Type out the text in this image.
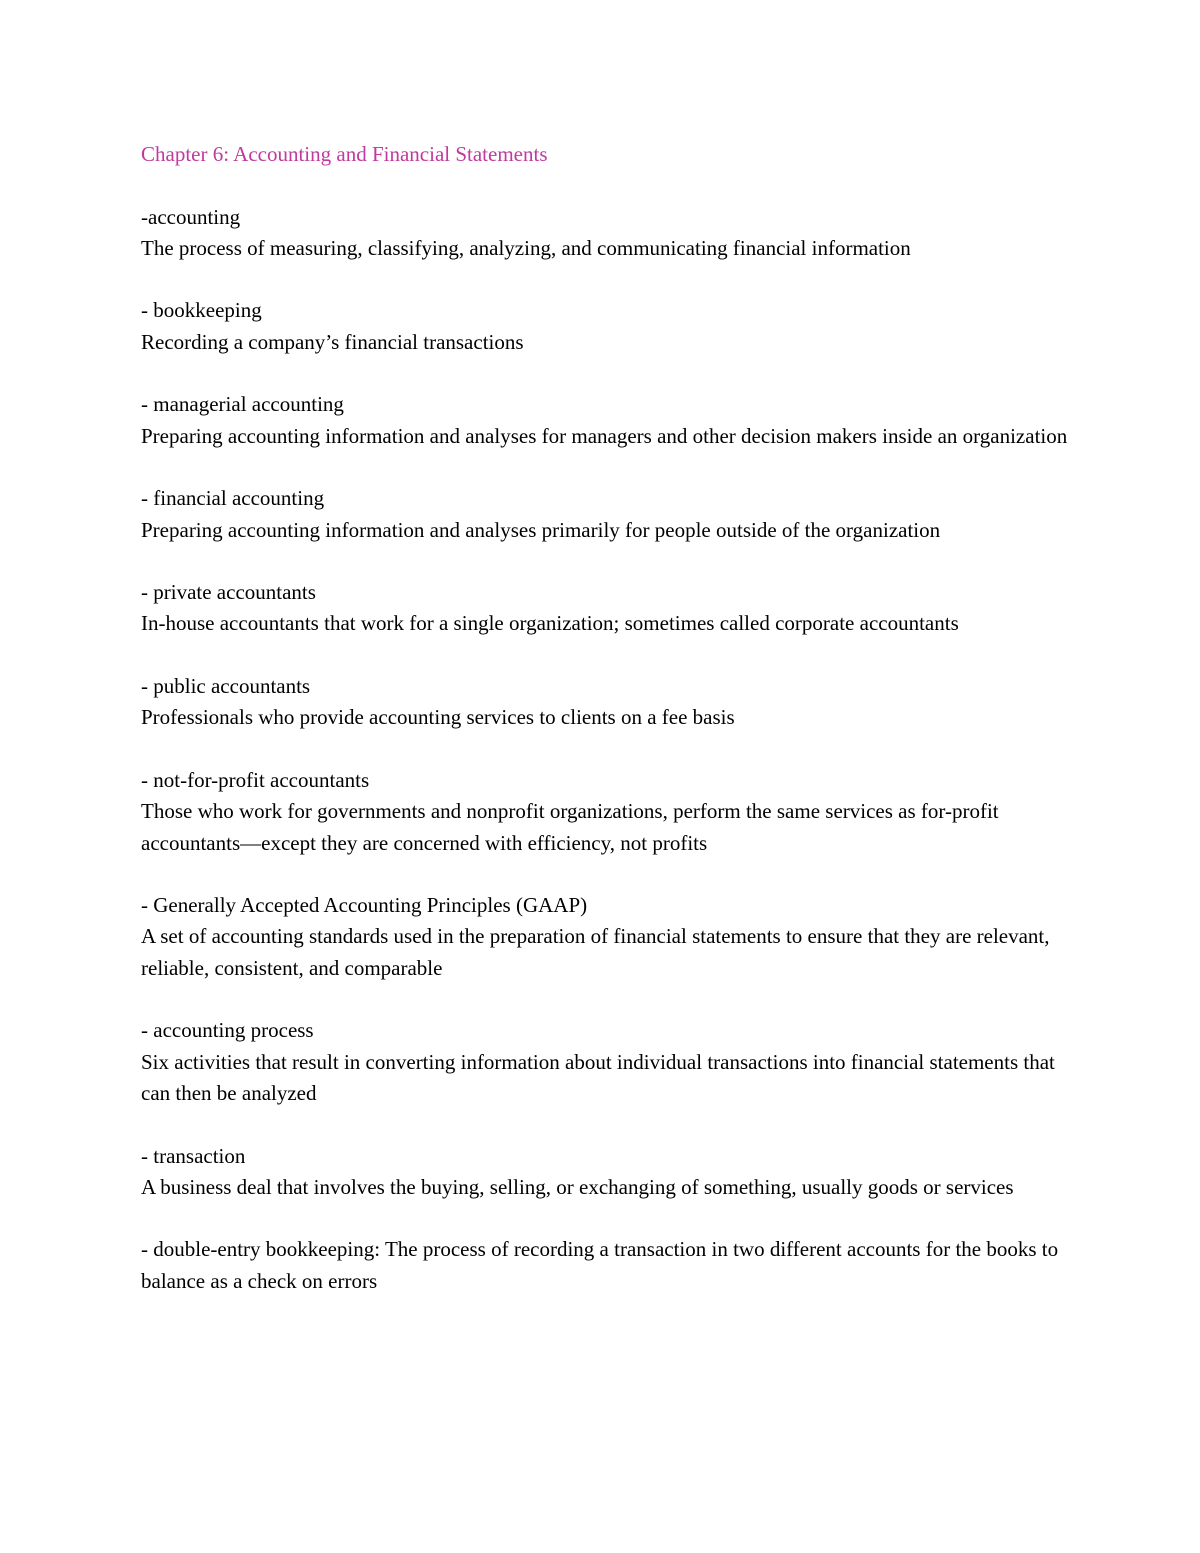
Chapter 6: Accounting and Financial Statements
-accounting
The process of measuring, classifying, analyzing, and communicating financial information
- bookkeeping
Recording a company’s financial transactions
- managerial accounting
Preparing accounting information and analyses for managers and other decision makers inside an organization
- financial accounting
Preparing accounting information and analyses primarily for people outside of the organization
- private accountants
In-house accountants that work for a single organization; sometimes called corporate accountants
- public accountants
Professionals who provide accounting services to clients on a fee basis
- not-for-profit accountants
Those who work for governments and nonprofit organizations, perform the same services as for-profit accountants—except they are concerned with efficiency, not profits
- Generally Accepted Accounting Principles (GAAP)
A set of accounting standards used in the preparation of financial statements to ensure that they are relevant, reliable, consistent, and comparable
- accounting process
Six activities that result in converting information about individual transactions into financial statements that can then be analyzed
- transaction
A business deal that involves the buying, selling, or exchanging of something, usually goods or services
- double-entry bookkeeping: The process of recording a transaction in two different accounts for the books to balance as a check on errors
